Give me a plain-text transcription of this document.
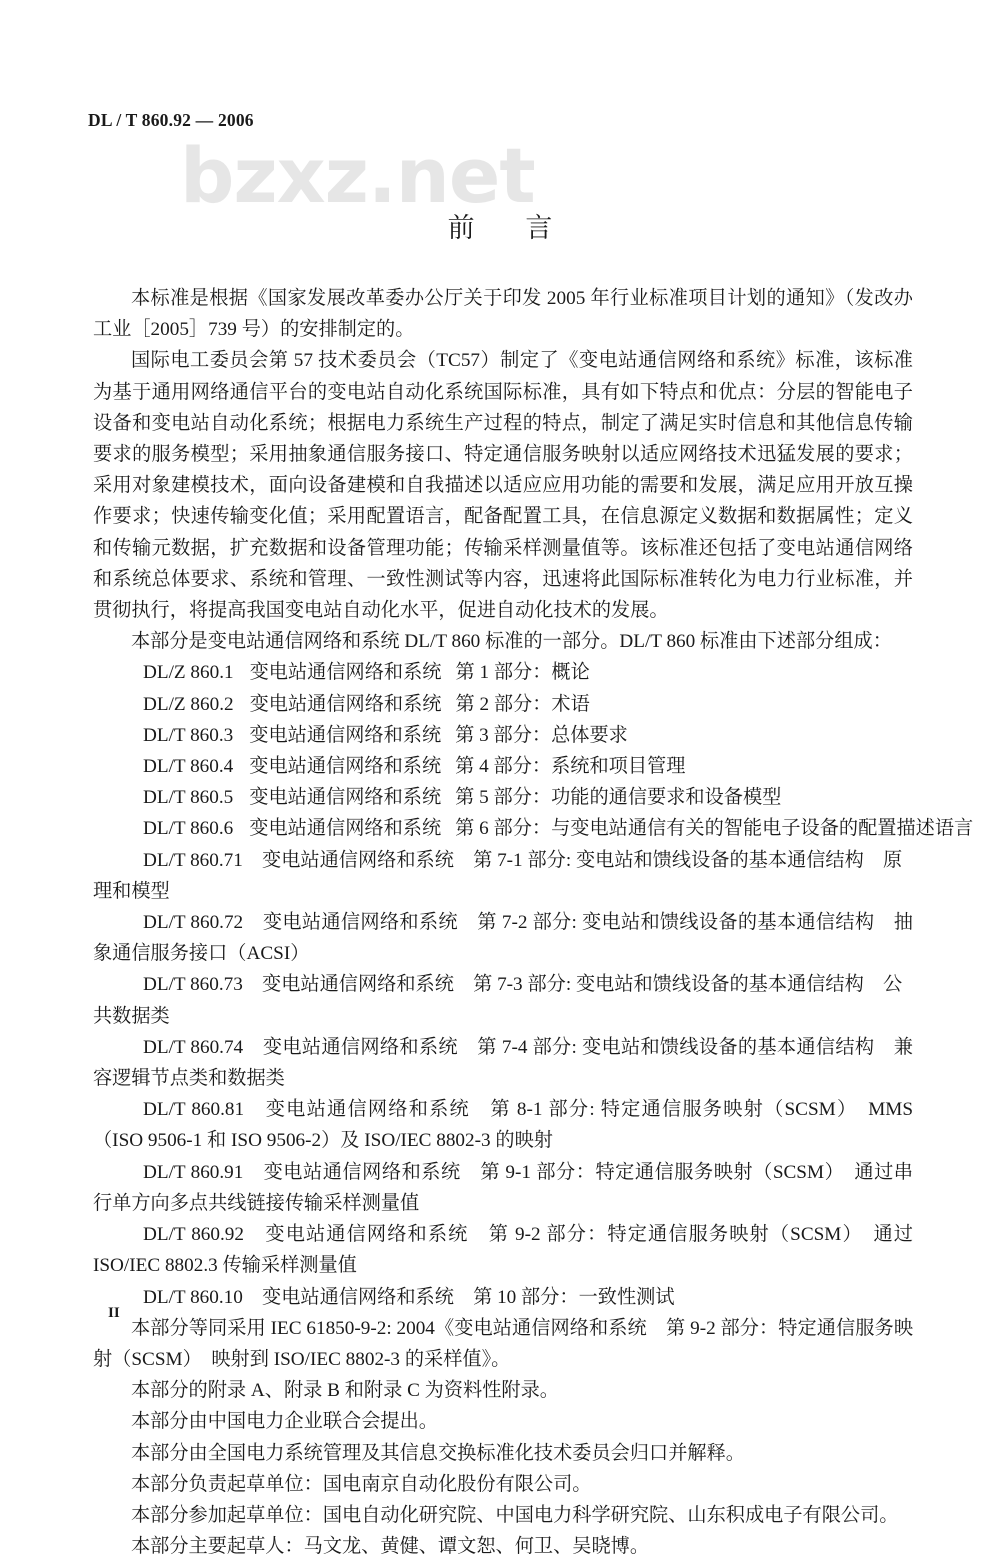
DL / T 860.92 — 2006
bzxz.net
前 言

本标准是根据《国家发展改革委办公厅关于印发 2005 年行业标准项目计划的通知》（发改办工业［2005］739 号）的安排制定的。

国际电工委员会第 57 技术委员会（TC57）制定了《变电站通信网络和系统》标准，该标准为基于通用网络通信平台的变电站自动化系统国际标准，具有如下特点和优点：分层的智能电子设备和变电站自动化系统；根据电力系统生产过程的特点，制定了满足实时信息和其他信息传输要求的服务模型；采用抽象通信服务接口、特定通信服务映射以适应网络技术迅猛发展的要求；采用对象建模技术，面向设备建模和自我描述以适应应用功能的需要和发展，满足应用开放互操作要求；快速传输变化值；采用配置语言，配备配置工具，在信息源定义数据和数据属性；定义和传输元数据，扩充数据和设备管理功能；传输采样测量值等。该标准还包括了变电站通信网络和系统总体要求、系统和管理、一致性测试等内容，迅速将此国际标准转化为电力行业标准，并贯彻执行，将提高我国变电站自动化水平，促进自动化技术的发展。

本部分是变电站通信网络和系统 DL/T 860 标准的一部分。DL/T 860 标准由下述部分组成：

DL/Z 860.1 变电站通信网络和系统 第 1 部分：概论
DL/Z 860.2 变电站通信网络和系统 第 2 部分：术语
DL/T 860.3 变电站通信网络和系统 第 3 部分：总体要求
DL/T 860.4 变电站通信网络和系统 第 4 部分：系统和项目管理
DL/T 860.5 变电站通信网络和系统 第 5 部分：功能的通信要求和设备模型
DL/T 860.6 变电站通信网络和系统 第 6 部分：与变电站通信有关的智能电子设备的配置描述语言

DL/T 860.71　变电站通信网络和系统　第 7-1 部分: 变电站和馈线设备的基本通信结构　原理和模型

DL/T 860.72　变电站通信网络和系统　第 7-2 部分: 变电站和馈线设备的基本通信结构　抽象通信服务接口（ACSI）

DL/T 860.73　变电站通信网络和系统　第 7-3 部分: 变电站和馈线设备的基本通信结构　公共数据类

DL/T 860.74　变电站通信网络和系统　第 7-4 部分: 变电站和馈线设备的基本通信结构　兼容逻辑节点类和数据类

DL/T 860.81　变电站通信网络和系统　第 8-1 部分: 特定通信服务映射（SCSM）　MMS（ISO 9506-1 和 ISO 9506-2）及 ISO/IEC 8802-3 的映射

DL/T 860.91　变电站通信网络和系统　第 9-1 部分：特定通信服务映射（SCSM）　通过串行单方向多点共线链接传输采样测量值

DL/T 860.92　变电站通信网络和系统　第 9-2 部分：特定通信服务映射（SCSM）　通过 ISO/IEC 8802.3 传输采样测量值

DL/T 860.10　变电站通信网络和系统　第 10 部分：一致性测试

本部分等同采用 IEC 61850-9-2: 2004《变电站通信网络和系统　第 9-2 部分：特定通信服务映射（SCSM）　映射到 ISO/IEC 8802-3 的采样值》。

本部分的附录 A、附录 B 和附录 C 为资料性附录。

本部分由中国电力企业联合会提出。

本部分由全国电力系统管理及其信息交换标准化技术委员会归口并解释。

本部分负责起草单位：国电南京自动化股份有限公司。

本部分参加起草单位：国电自动化研究院、中国电力科学研究院、山东积成电子有限公司。

本部分主要起草人：马文龙、黄健、谭文恕、何卫、吴晓博。

II
